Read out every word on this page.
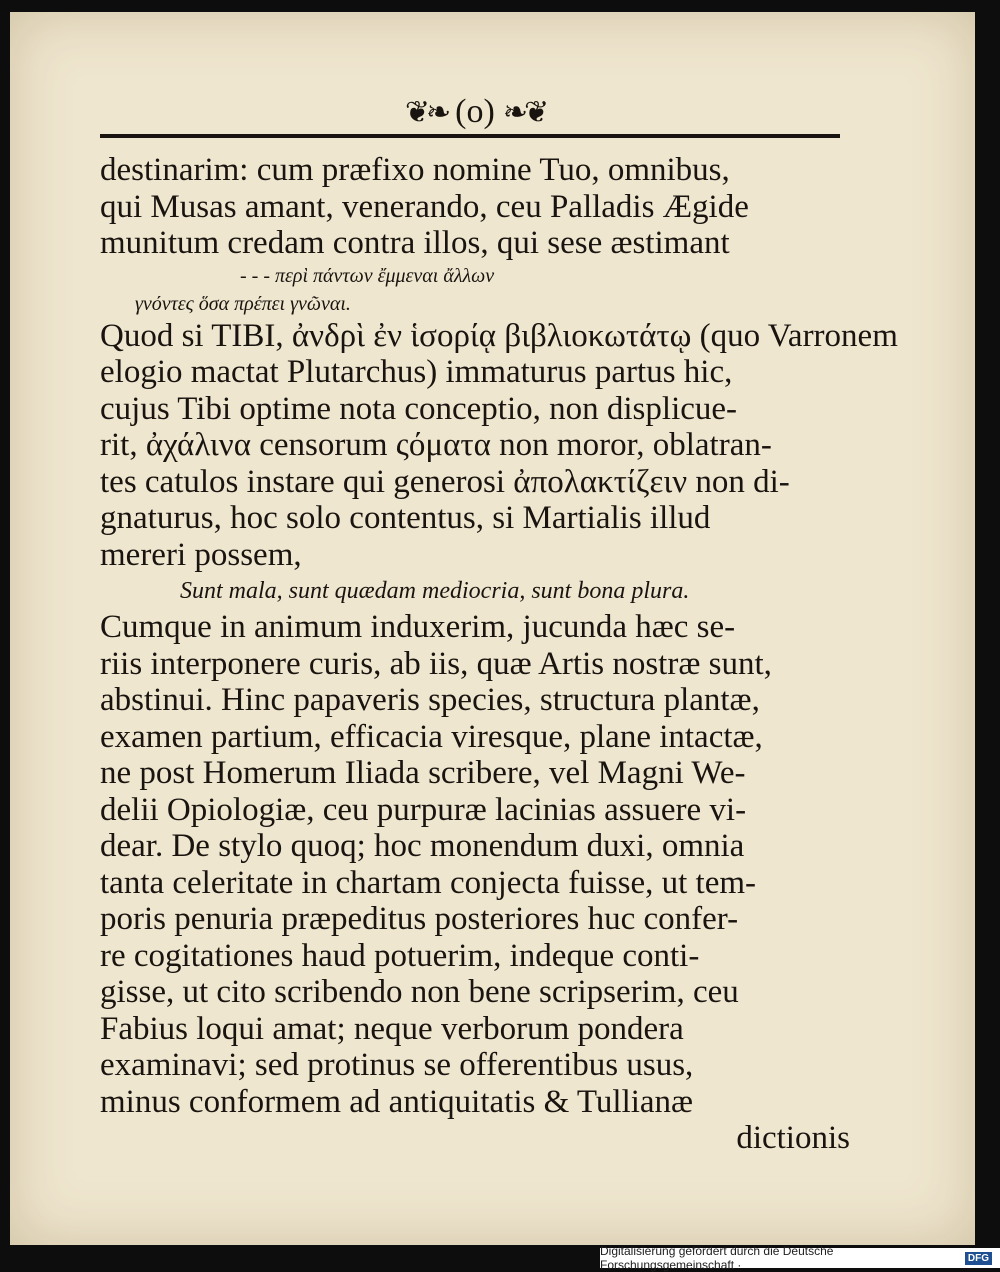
❦❧ (o) ❧❦
destinarim: cum præfixo nomine Tuo, omnibus,
qui Musas amant, venerando, ceu Palladis Ægide
munitum credam contra illos, qui sese æstimant
- - - περὶ πάντων ἔμμεναι ἄλλων
γνόντες ὅσα πρέπει γνῶναι.
Quod si TIBI, ἀνδρὶ ἐν ἱσορίᾳ βιβλιοκωτάτῳ (quo Varronem
elogio mactat Plutarchus) immaturus partus hic,
cujus Tibi optime nota conceptio, non displicue-
rit, ἀχάλινα censorum ςόματα non moror, oblatran-
tes catulos instare qui generosi ἀπολακτίζειν non di-
gnaturus, hoc solo contentus, si Martialis illud
mereri possem,
Sunt mala, sunt quædam mediocria, sunt bona plura.
Cumque in animum induxerim, jucunda hæc se-
riis interponere curis, ab iis, quæ Artis nostræ sunt,
abstinui. Hinc papaveris species, structura plantæ,
examen partium, efficacia viresque, plane intactæ,
ne post Homerum Iliada scribere, vel Magni We-
delii Opiologiæ, ceu purpuræ lacinias assuere vi-
dear. De stylo quoq; hoc monendum duxi, omnia
tanta celeritate in chartam conjecta fuisse, ut tem-
poris penuria præpeditus posteriores huc confer-
re cogitationes haud potuerim, indeque conti-
gisse, ut cito scribendo non bene scripserim, ceu
Fabius loqui amat; neque verborum pondera
examinavi; sed protinus se offerentibus usus,
minus conformem ad antiquitatis & Tullianæ
dictionis
Digitalisierung gefördert durch die Deutsche Forschungsgemeinschaft ·	DFG
